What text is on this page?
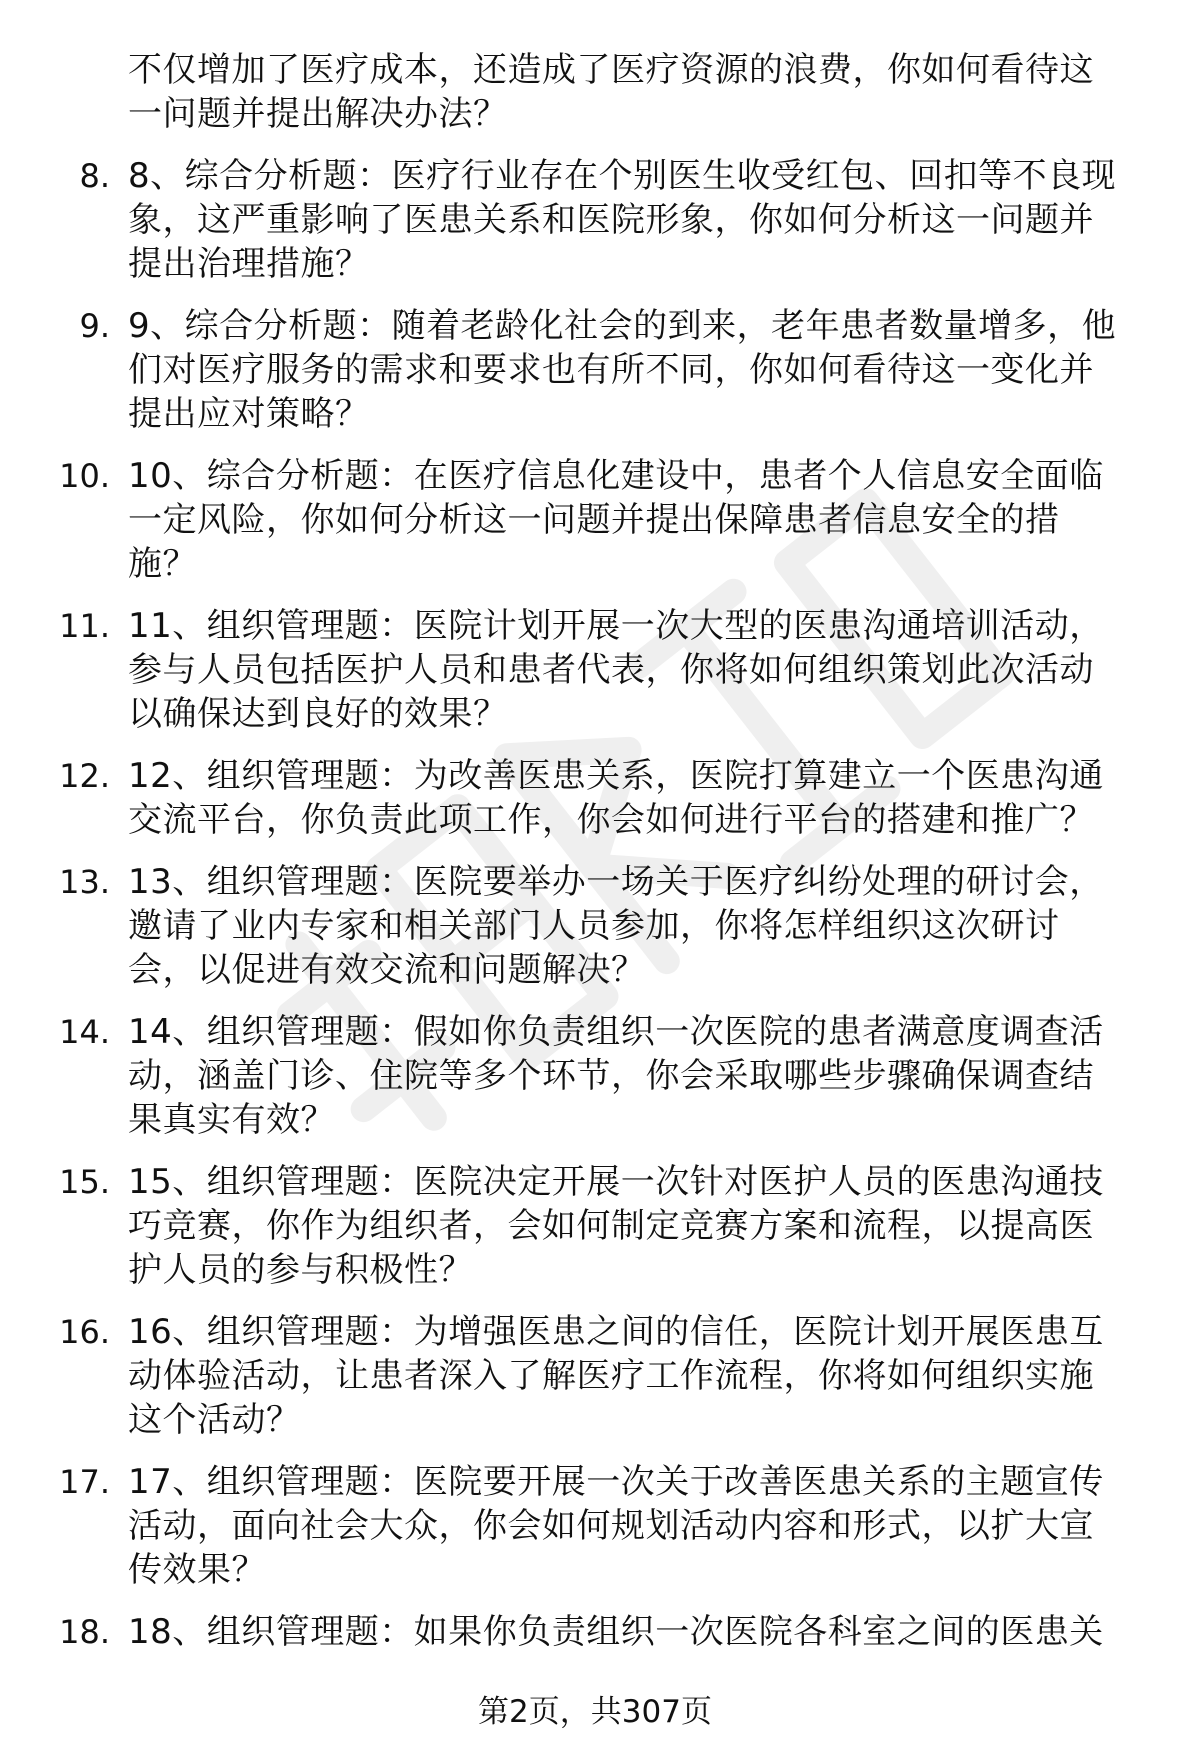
不仅增加了医疗成本，还造成了医疗资源的浪费，你如何看待这
一问题并提出解决办法？
8. 8、综合分析题：医疗行业存在个别医生收受红包、回扣等不良现
象，这严重影响了医患关系和医院形象，你如何分析这一问题并
提出治理措施？
9. 9、综合分析题：随着老龄化社会的到来，老年患者数量增多，他
们对医疗服务的需求和要求也有所不同，你如何看待这一变化并
提出应对策略？
10. 10、综合分析题：在医疗信息化建设中，患者个人信息安全面临
一定风险，你如何分析这一问题并提出保障患者信息安全的措
施？
11. 11、组织管理题：医院计划开展一次大型的医患沟通培训活动，
参与人员包括医护人员和患者代表，你将如何组织策划此次活动
以确保达到良好的效果？
12. 12、组织管理题：为改善医患关系，医院打算建立一个医患沟通
交流平台，你负责此项工作，你会如何进行平台的搭建和推广？
13. 13、组织管理题：医院要举办一场关于医疗纠纷处理的研讨会，
邀请了业内专家和相关部门人员参加，你将怎样组织这次研讨
会，以促进有效交流和问题解决？
14. 14、组织管理题：假如你负责组织一次医院的患者满意度调查活
动，涵盖门诊、住院等多个环节，你会采取哪些步骤确保调查结
果真实有效？
15. 15、组织管理题：医院决定开展一次针对医护人员的医患沟通技
巧竞赛，你作为组织者，会如何制定竞赛方案和流程，以提高医
护人员的参与积极性？
16. 16、组织管理题：为增强医患之间的信任，医院计划开展医患互
动体验活动，让患者深入了解医疗工作流程，你将如何组织实施
这个活动？
17. 17、组织管理题：医院要开展一次关于改善医患关系的主题宣传
活动，面向社会大众，你会如何规划活动内容和形式，以扩大宣
传效果？
18. 18、组织管理题：如果你负责组织一次医院各科室之间的医患关
第2页，共307页
